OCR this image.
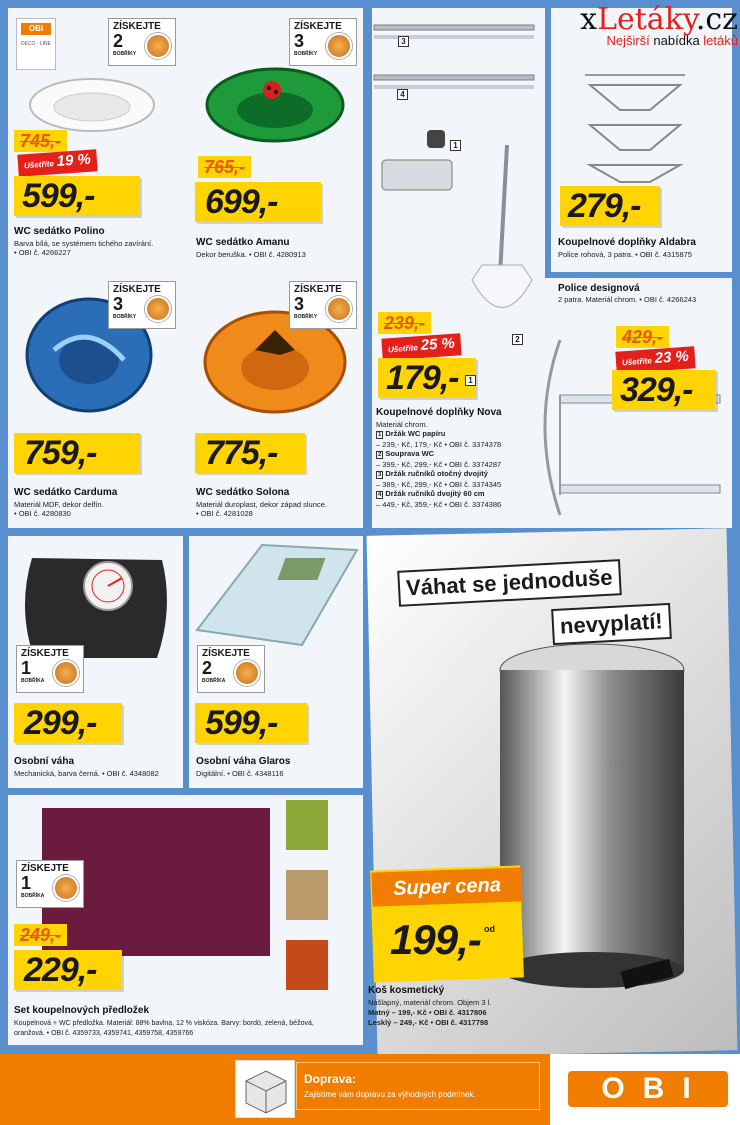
OBI
DECO · LINE
ZÍSKEJTE
2
BOBŘÍKY
745,-
Ušetříte 19 %
599,-
WC sedátko Polino
Barva bílá, se systémem tichého zavírání.
• OBI č. 4266227
ZÍSKEJTE
3
BOBŘÍKY
765,-
699,-
WC sedátko Amanu
Dekor beruška. • OBI č. 4280913
ZÍSKEJTE
3
BOBŘÍKY
759,-
WC sedátko Carduma
Materiál MDF, dekor delfín.
• OBI č. 4280830
ZÍSKEJTE
3
BOBŘÍKY
775,-
WC sedátko Solona
Materiál duroplast, dekor západ slunce.
• OBI č. 4281028
xLetáky.cz
Nejširší nabídka letáků
3
4
1
2
239,-
Ušetříte 25 %
179,-	1
Koupelnové doplňky Nova
Materiál chrom.
1 Držák WC papíru
– 239,- Kč, 179,- Kč • OBI č. 3374378
2 Souprava WC
– 399,- Kč, 299,- Kč • OBI č. 3374287
3 Držák ručníků otočný dvojitý
– 389,- Kč, 299,- Kč • OBI č. 3374345
4 Držák ručníků dvojitý 60 cm
– 449,- Kč, 359,- Kč • OBI č. 3374386
279,-
Koupelnové doplňky Aldabra
Police rohová, 3 patra. • OBI č. 4315875
Police designová
2 patra. Materiál chrom. • OBI č. 4266243
429,-
Ušetříte 23 %
329,-
ZÍSKEJTE
1
BOBŘÍKA
299,-
Osobní váha
Mechanická, barva černá. • OBI č. 4348082
ZÍSKEJTE
2
BOBŘÍKA
599,-
Osobní váha Glaros
Digitální. • OBI č. 4348116
ZÍSKEJTE
1
BOBŘÍKA
249,-
229,-
Set koupelnových předložek
Koupelnová + WC předložka. Materiál: 88% bavlna, 12 % viskóza. Barvy: bordó, zelená, béžová,
oranžová. • OBI č. 4359733, 4359741, 4359758, 4359766
Váhat se jednoduše
nevyplatí!
Super cena
199,- od
Koš kosmetický
Nášlapný, materiál chrom. Objem 3 l.
Matný – 199,- Kč • OBI č. 4317806
Lesklý – 249,- Kč • OBI č. 4317798
Doprava:
Zajistíme vám dopravu za výhodných podmínek.	OBI
